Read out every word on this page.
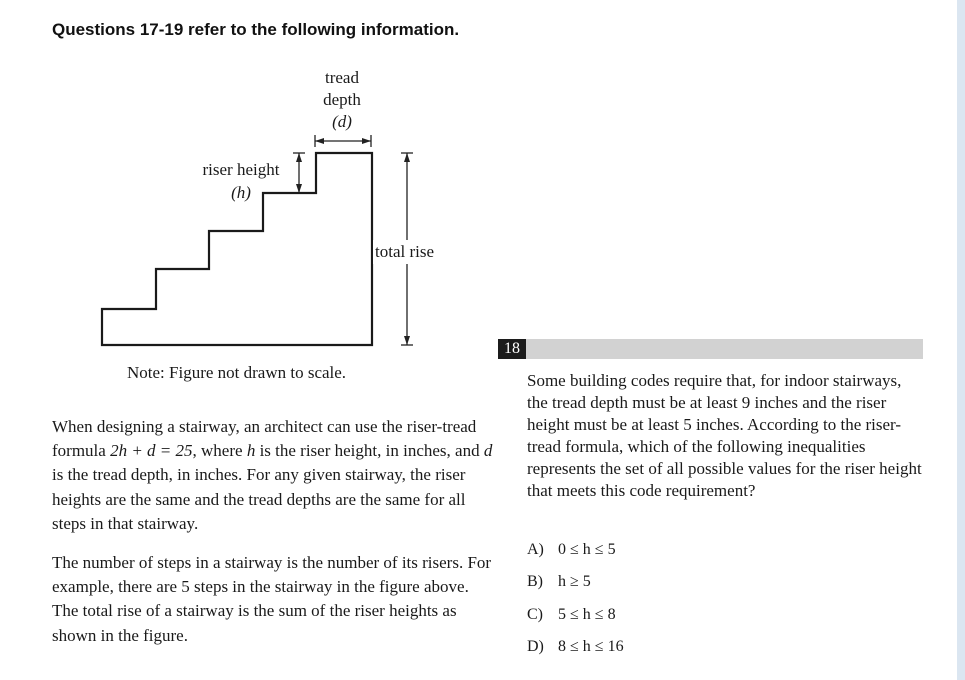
Questions 17-19 refer to the following information.
tread
depth
(d)
riser height
(h)
total rise
Note: Figure not drawn to scale.

When designing a stairway, an architect can use the riser-tread formula 2h + d = 25, where h is the riser height, in inches, and d is the tread depth, in inches. For any given stairway, the riser heights are the same and the tread depths are the same for all steps in that stairway.

The number of steps in a stairway is the number of its risers. For example, there are 5 steps in the stairway in the figure above. The total rise of a stairway is the sum of the riser heights as shown in the figure.

18

Some building codes require that, for indoor stairways, the tread depth must be at least 9 inches and the riser height must be at least 5 inches. According to the riser-tread formula, which of the following inequalities represents the set of all possible values for the riser height that meets this code requirement?

A) 0 ≤ h ≤ 5
B) h ≥ 5
C) 5 ≤ h ≤ 8
D) 8 ≤ h ≤ 16
